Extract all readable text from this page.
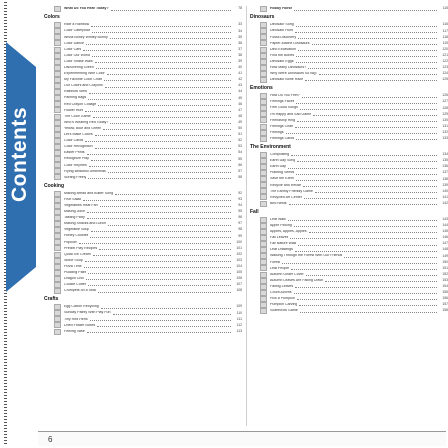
Contents
What Do You Hear Today?	78
Colors
Ride a Rainbow	33
Color Caterpillar	34
Whoa Boney Whitey Bunny	35
Color Dance	36
Color Cars	37
Color Our World	38
Color Shake Walk	39
Discovering Green	40
Experimenting With Color	41
My Favorite Color Chart	42
Our Colors and Crayons	43
Rainbow Stew	44
Painting Bags	45
Red Crayon Collage	46
Flower Hunt	47
The Color Game	48
Who's Wearing Red Today?	49
Yellow, Blue and Green	50
Let's Make Colors	51
Color Cards	52
Color Recognition	53
Easter Prints	54
Recognize Play	55
Color Rhymes	56
Flying Beautiful Umbrellas	57
Surfing Freely	58
Cooking
Making Bread and Butter Song	92
Fruit Salad	93
Vegetables Heat Fan	94
Making Juice	95
Tasting Party	96
Making Snacks and Lunch	97
Vegetable Soup	98
Honey Cookies	99
Popcorn	100
Pretzel Play Recipes	101
Quick Ice Cream	102
Stone Soup	103
Pizza Time	104
Pudding Paint	105
Dragon Chili	106
Cookie Cutter	107
Crumpets on a Stick	108
Crafts
Egg Carton Recycling	109
Sunday Painty With Play Fun	110
Tiny Red Hens	111
Dried Flower Boxes	112
Feeling Vase	113
Hobby Horse	115
Dinosaurs
Dinosaur Song	116
Dinosaur Hunt	117
Fossil Discovery	118
Papier-Mâché Dinosaurs	119
Dino Excavation	120
Find the Bones	121
Dinosaur Eggs	122
How Many Dinosaurs?	123
Why Were Dinosaurs So Big?	124
Dinosaur Bone Race	125
Emotions
How Do You Feel?	126
Feelings Faces	127
Feel Good Songs	128
I'm Happy and Sad Game	129
Friendship Ring	130
Feelings Chart	131
Feelings	132
Feelings Cards	133
The Environment
Composting	134
Earth Day Song	135
Earth Day	136
Planting Seeds	137
Save the Earth	138
Recycle and Reuse	139
The Earthly Friendly Game	140
Recycled Art Center	141
Bird Nests	142
Fall
Leaf Walk	143
Apple Picking	144
Apples, Apples, Apples	145
Fall Leaves	146
Fall Nature Walk	147
Leaf Drawings	148
Walking Through the Forest With Our Friends	149
Forest	150
Leaf People	151
Autumn Under Cover	152
Autumn Leaves Are Falling Down	153
Falling Leaves	154
Count Acorns	155
Pick a Pumpkin	156
Pumpkin Carving	157
Scarecrow Game	158
6
